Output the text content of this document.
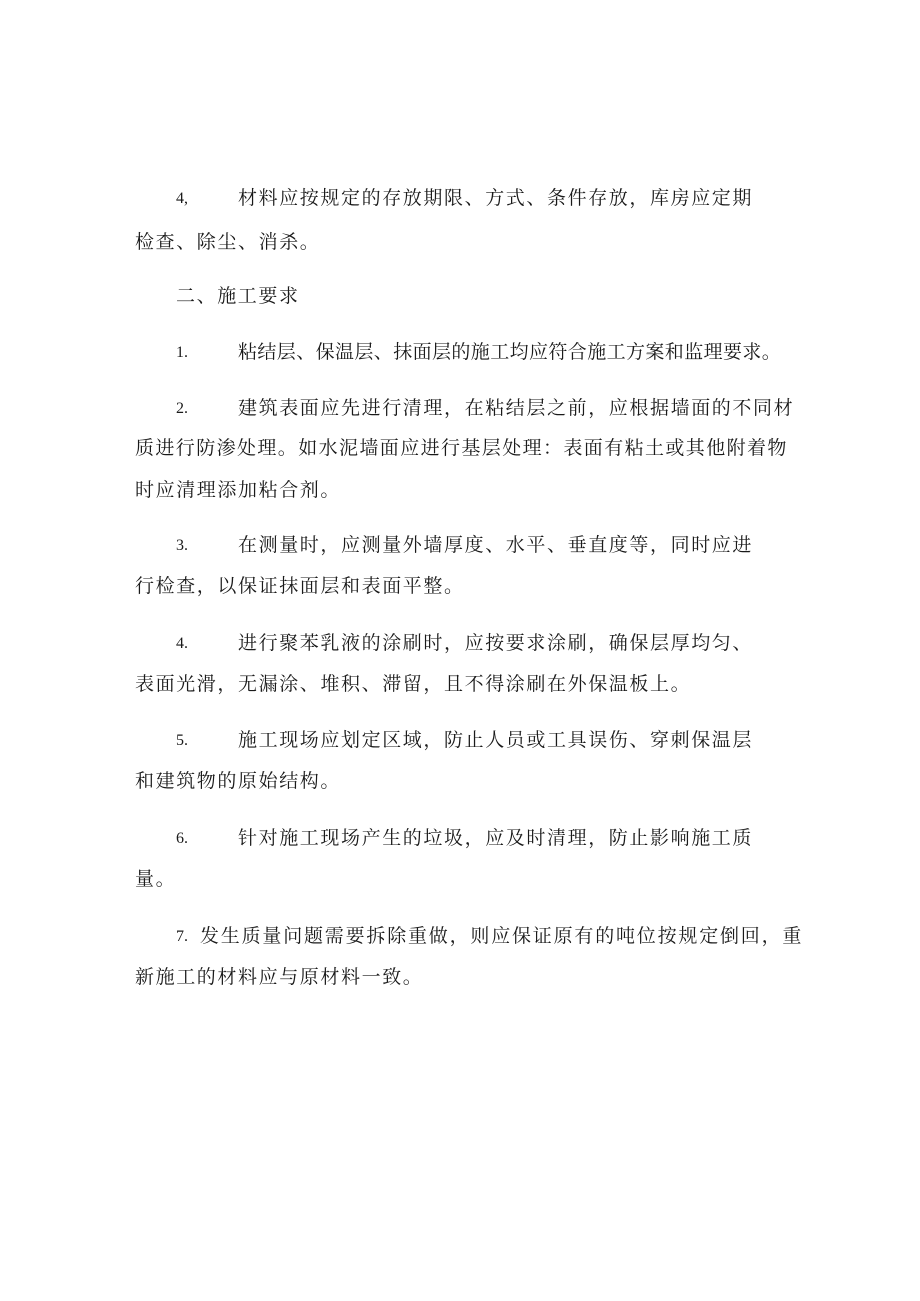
4,	材料应按规定的存放期限、方式、条件存放，库房应定期
检查、除尘、消杀。
二、施工要求
1.	粘结层、保温层、抹面层的施工均应符合施工方案和监理要求。
2.	建筑表面应先进行清理，在粘结层之前，应根据墙面的不同材
质进行防渗处理。如水泥墙面应进行基层处理：表面有粘土或其他附着物
时应清理添加粘合剂。
3.	在测量时，应测量外墙厚度、水平、垂直度等，同时应进
行检查，以保证抹面层和表面平整。
4.	进行聚苯乳液的涂刷时，应按要求涂刷，确保层厚均匀、
表面光滑，无漏涂、堆积、滞留，且不得涂刷在外保温板上。
5.	施工现场应划定区域，防止人员或工具误伤、穿刺保温层
和建筑物的原始结构。
6.	针对施工现场产生的垃圾，应及时清理，防止影响施工质
量。
7. 发生质量问题需要拆除重做，则应保证原有的吨位按规定倒回，重
新施工的材料应与原材料一致。
